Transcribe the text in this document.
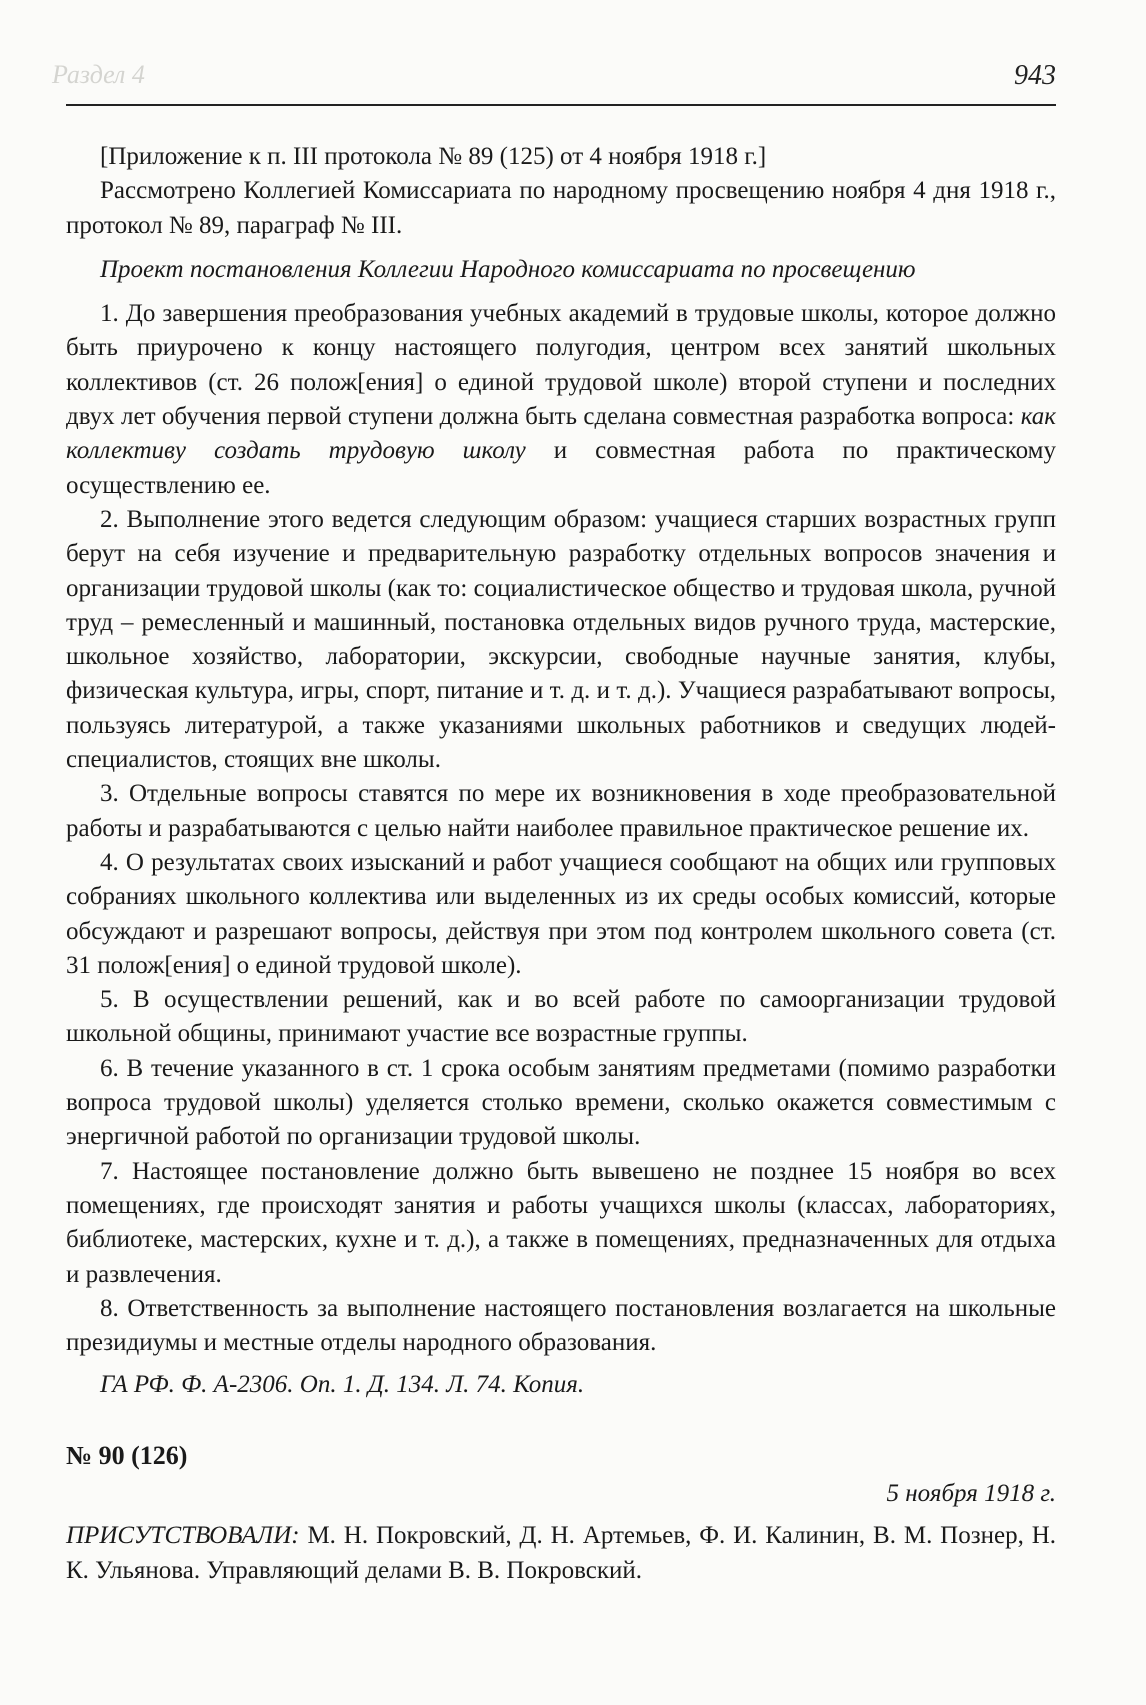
Раздел 4	943

[Приложение к п. III протокола № 89 (125) от 4 ноября 1918 г.]

Рассмотрено Коллегией Комиссариата по народному просвещению ноября 4 дня 1918 г., протокол № 89, параграф № III.

Проект постановления Коллегии Народного комиссариата по просвещению

1. До завершения преобразования учебных академий в трудовые школы, которое должно быть приурочено к концу настоящего полугодия, центром всех занятий школьных коллективов (ст. 26 полож[ения] о единой трудовой школе) второй ступени и последних двух лет обучения первой ступени должна быть сделана совместная разработка вопроса: как коллективу создать трудовую школу и совместная работа по практическому осуществлению ее.

2. Выполнение этого ведется следующим образом: учащиеся старших возрастных групп берут на себя изучение и предварительную разработку отдельных вопросов значения и организации трудовой школы (как то: социалистическое общество и трудовая школа, ручной труд – ремесленный и машинный, постановка отдельных видов ручного труда, мастерские, школьное хозяйство, лаборатории, экскурсии, свободные научные занятия, клубы, физическая культура, игры, спорт, питание и т. д. и т. д.). Учащиеся разрабатывают вопросы, пользуясь литературой, а также указаниями школьных работников и сведущих людей-специалистов, стоящих вне школы.

3. Отдельные вопросы ставятся по мере их возникновения в ходе преобразовательной работы и разрабатываются с целью найти наиболее правильное практическое решение их.

4. О результатах своих изысканий и работ учащиеся сообщают на общих или групповых собраниях школьного коллектива или выделенных из их среды особых комиссий, которые обсуждают и разрешают вопросы, действуя при этом под контролем школьного совета (ст. 31 полож[ения] о единой трудовой школе).

5. В осуществлении решений, как и во всей работе по самоорганизации трудовой школьной общины, принимают участие все возрастные группы.

6. В течение указанного в ст. 1 срока особым занятиям предметами (помимо разработки вопроса трудовой школы) уделяется столько времени, сколько окажется совместимым с энергичной работой по организации трудовой школы.

7. Настоящее постановление должно быть вывешено не позднее 15 ноября во всех помещениях, где происходят занятия и работы учащихся школы (классах, лабораториях, библиотеке, мастерских, кухне и т. д.), а также в помещениях, предназначенных для отдыха и развлечения.

8. Ответственность за выполнение настоящего постановления возлагается на школьные президиумы и местные отделы народного образования.

ГА РФ. Ф. А-2306. Оп. 1. Д. 134. Л. 74. Копия.

№ 90 (126)

5 ноября 1918 г.

ПРИСУТСТВОВАЛИ: М. Н. Покровский, Д. Н. Артемьев, Ф. И. Калинин, В. М. Познер, Н. К. Ульянова. Управляющий делами В. В. Покровский.
